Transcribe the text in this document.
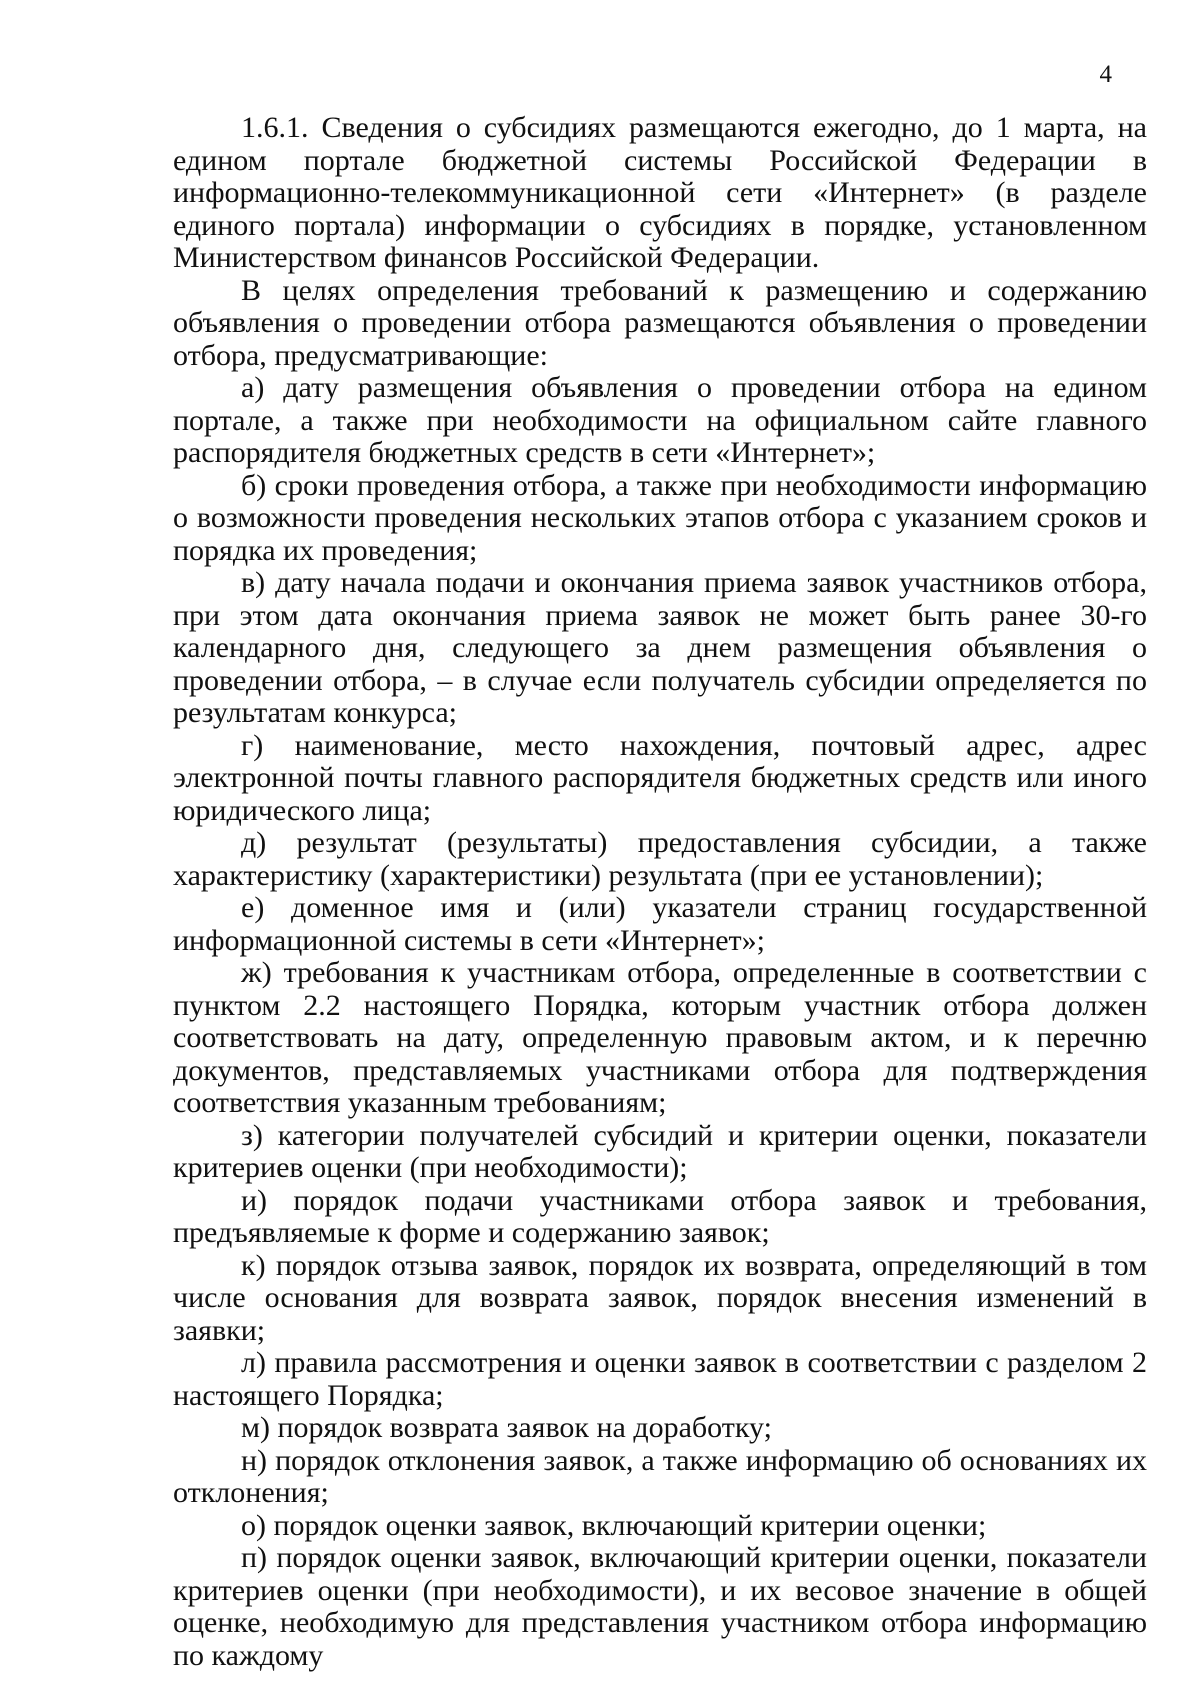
4

1.6.1. Сведения о субсидиях размещаются ежегодно, до 1 марта, на едином портале бюджетной системы Российской Федерации в информационно-телекоммуникационной сети «Интернет» (в разделе единого портала) информации о субсидиях в порядке, установленном Министерством финансов Российской Федерации.

В целях определения требований к размещению и содержанию объявления о проведении отбора размещаются объявления о проведении отбора, предусматривающие:

а) дату размещения объявления о проведении отбора на едином портале, а также при необходимости на официальном сайте главного распорядителя бюджетных средств в сети «Интернет»;

б) сроки проведения отбора, а также при необходимости информацию о возможности проведения нескольких этапов отбора с указанием сроков и порядка их проведения;

в) дату начала подачи и окончания приема заявок участников отбора, при этом дата окончания приема заявок не может быть ранее 30-го календарного дня, следующего за днем размещения объявления о проведении отбора, – в случае если получатель субсидии определяется по результатам конкурса;

г) наименование, место нахождения, почтовый адрес, адрес электронной почты главного распорядителя бюджетных средств или иного юридического лица;

д) результат (результаты) предоставления субсидии, а также характеристику (характеристики) результата (при ее установлении);

е) доменное имя и (или) указатели страниц государственной информационной системы в сети «Интернет»;

ж) требования к участникам отбора, определенные в соответствии с пунктом 2.2 настоящего Порядка, которым участник отбора должен соответствовать на дату, определенную правовым актом, и к перечню документов, представляемых участниками отбора для подтверждения соответствия указанным требованиям;

з) категории получателей субсидий и критерии оценки, показатели критериев оценки (при необходимости);

и) порядок подачи участниками отбора заявок и требования, предъявляемые к форме и содержанию заявок;

к) порядок отзыва заявок, порядок их возврата, определяющий в том числе основания для возврата заявок, порядок внесения изменений в заявки;

л) правила рассмотрения и оценки заявок в соответствии с разделом 2 настоящего Порядка;

м) порядок возврата заявок на доработку;

н) порядок отклонения заявок, а также информацию об основаниях их отклонения;

о) порядок оценки заявок, включающий критерии оценки;

п) порядок оценки заявок, включающий критерии оценки, показатели критериев оценки (при необходимости), и их весовое значение в общей оценке, необходимую для представления участником отбора информацию по каждому
